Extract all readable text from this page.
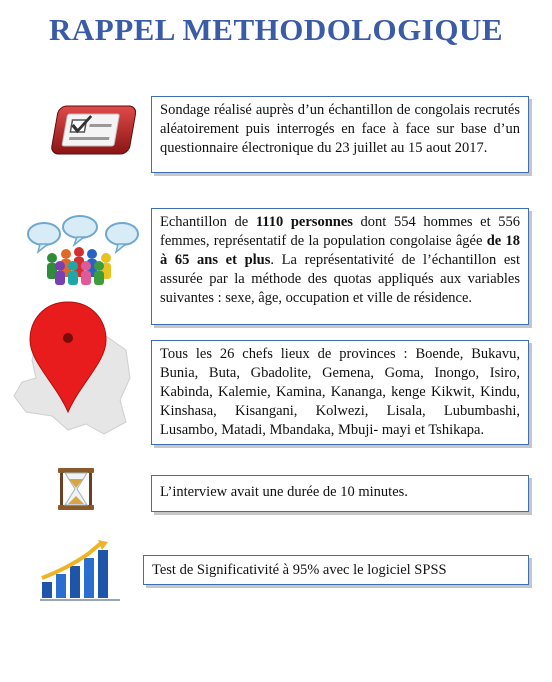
RAPPEL METHODOLOGIQUE

Sondage réalisé auprès d’un échantillon de congolais recrutés aléatoirement puis interrogés en face à face sur base d’un questionnaire électronique du 23 juillet au 15 aout 2017.

Echantillon de 1110 personnes dont 554 hommes et 556 femmes, représentatif de la population congolaise âgée de 18 à 65 ans et plus. La représentativité de l’échantillon est assurée par la méthode des quotas appliqués aux variables suivantes : sexe, âge, occupation et ville de résidence.

Tous les 26 chefs lieux de provinces : Boende, Bukavu, Bunia, Buta, Gbadolite, Gemena, Goma, Inongo, Isiro, Kabinda, Kalemie, Kamina, Kananga, kenge Kikwit, Kindu, Kinshasa, Kisangani, Kolwezi, Lisala, Lubumbashi, Lusambo, Matadi, Mbandaka, Mbuji- mayi et Tshikapa.

L’interview avait une durée de 10 minutes.

Test de Significativité à 95% avec le logiciel SPSS
